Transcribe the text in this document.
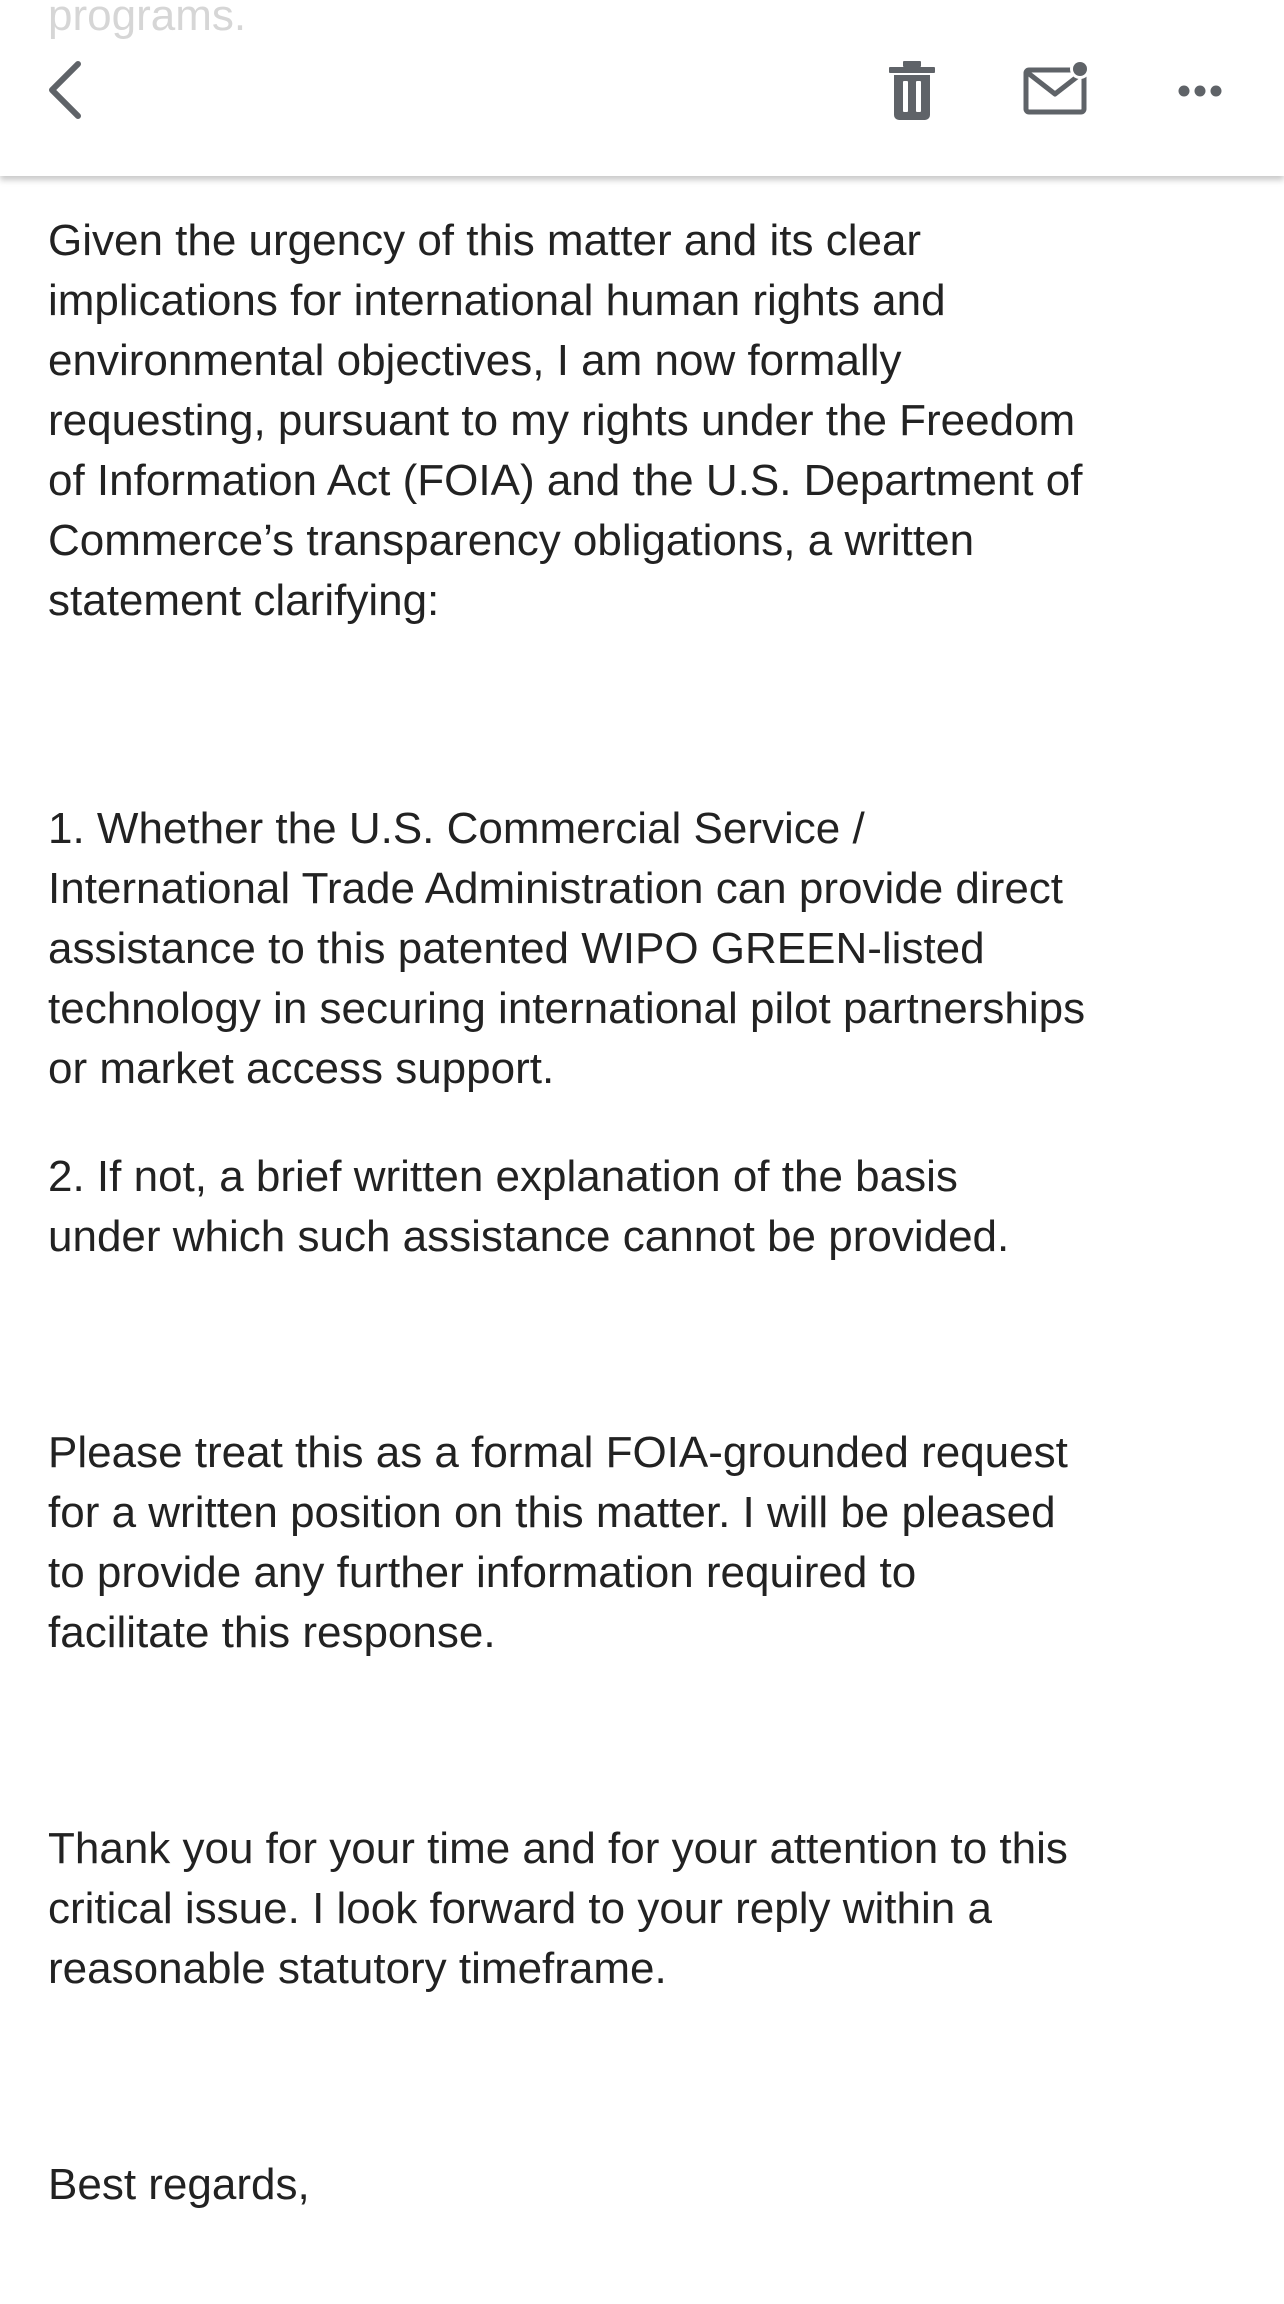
programs.

Given the urgency of this matter and its clear
implications for international human rights and
environmental objectives, I am now formally
requesting, pursuant to my rights under the Freedom
of Information Act (FOIA) and the U.S. Department of
Commerce’s transparency obligations, a written
statement clarifying:

1. Whether the U.S. Commercial Service /
International Trade Administration can provide direct
assistance to this patented WIPO GREEN-listed
technology in securing international pilot partnerships
or market access support.

2. If not, a brief written explanation of the basis
under which such assistance cannot be provided.

Please treat this as a formal FOIA-grounded request
for a written position on this matter. I will be pleased
to provide any further information required to
facilitate this response.

Thank you for your time and for your attention to this
critical issue. I look forward to your reply within a
reasonable statutory timeframe.

Best regards,
